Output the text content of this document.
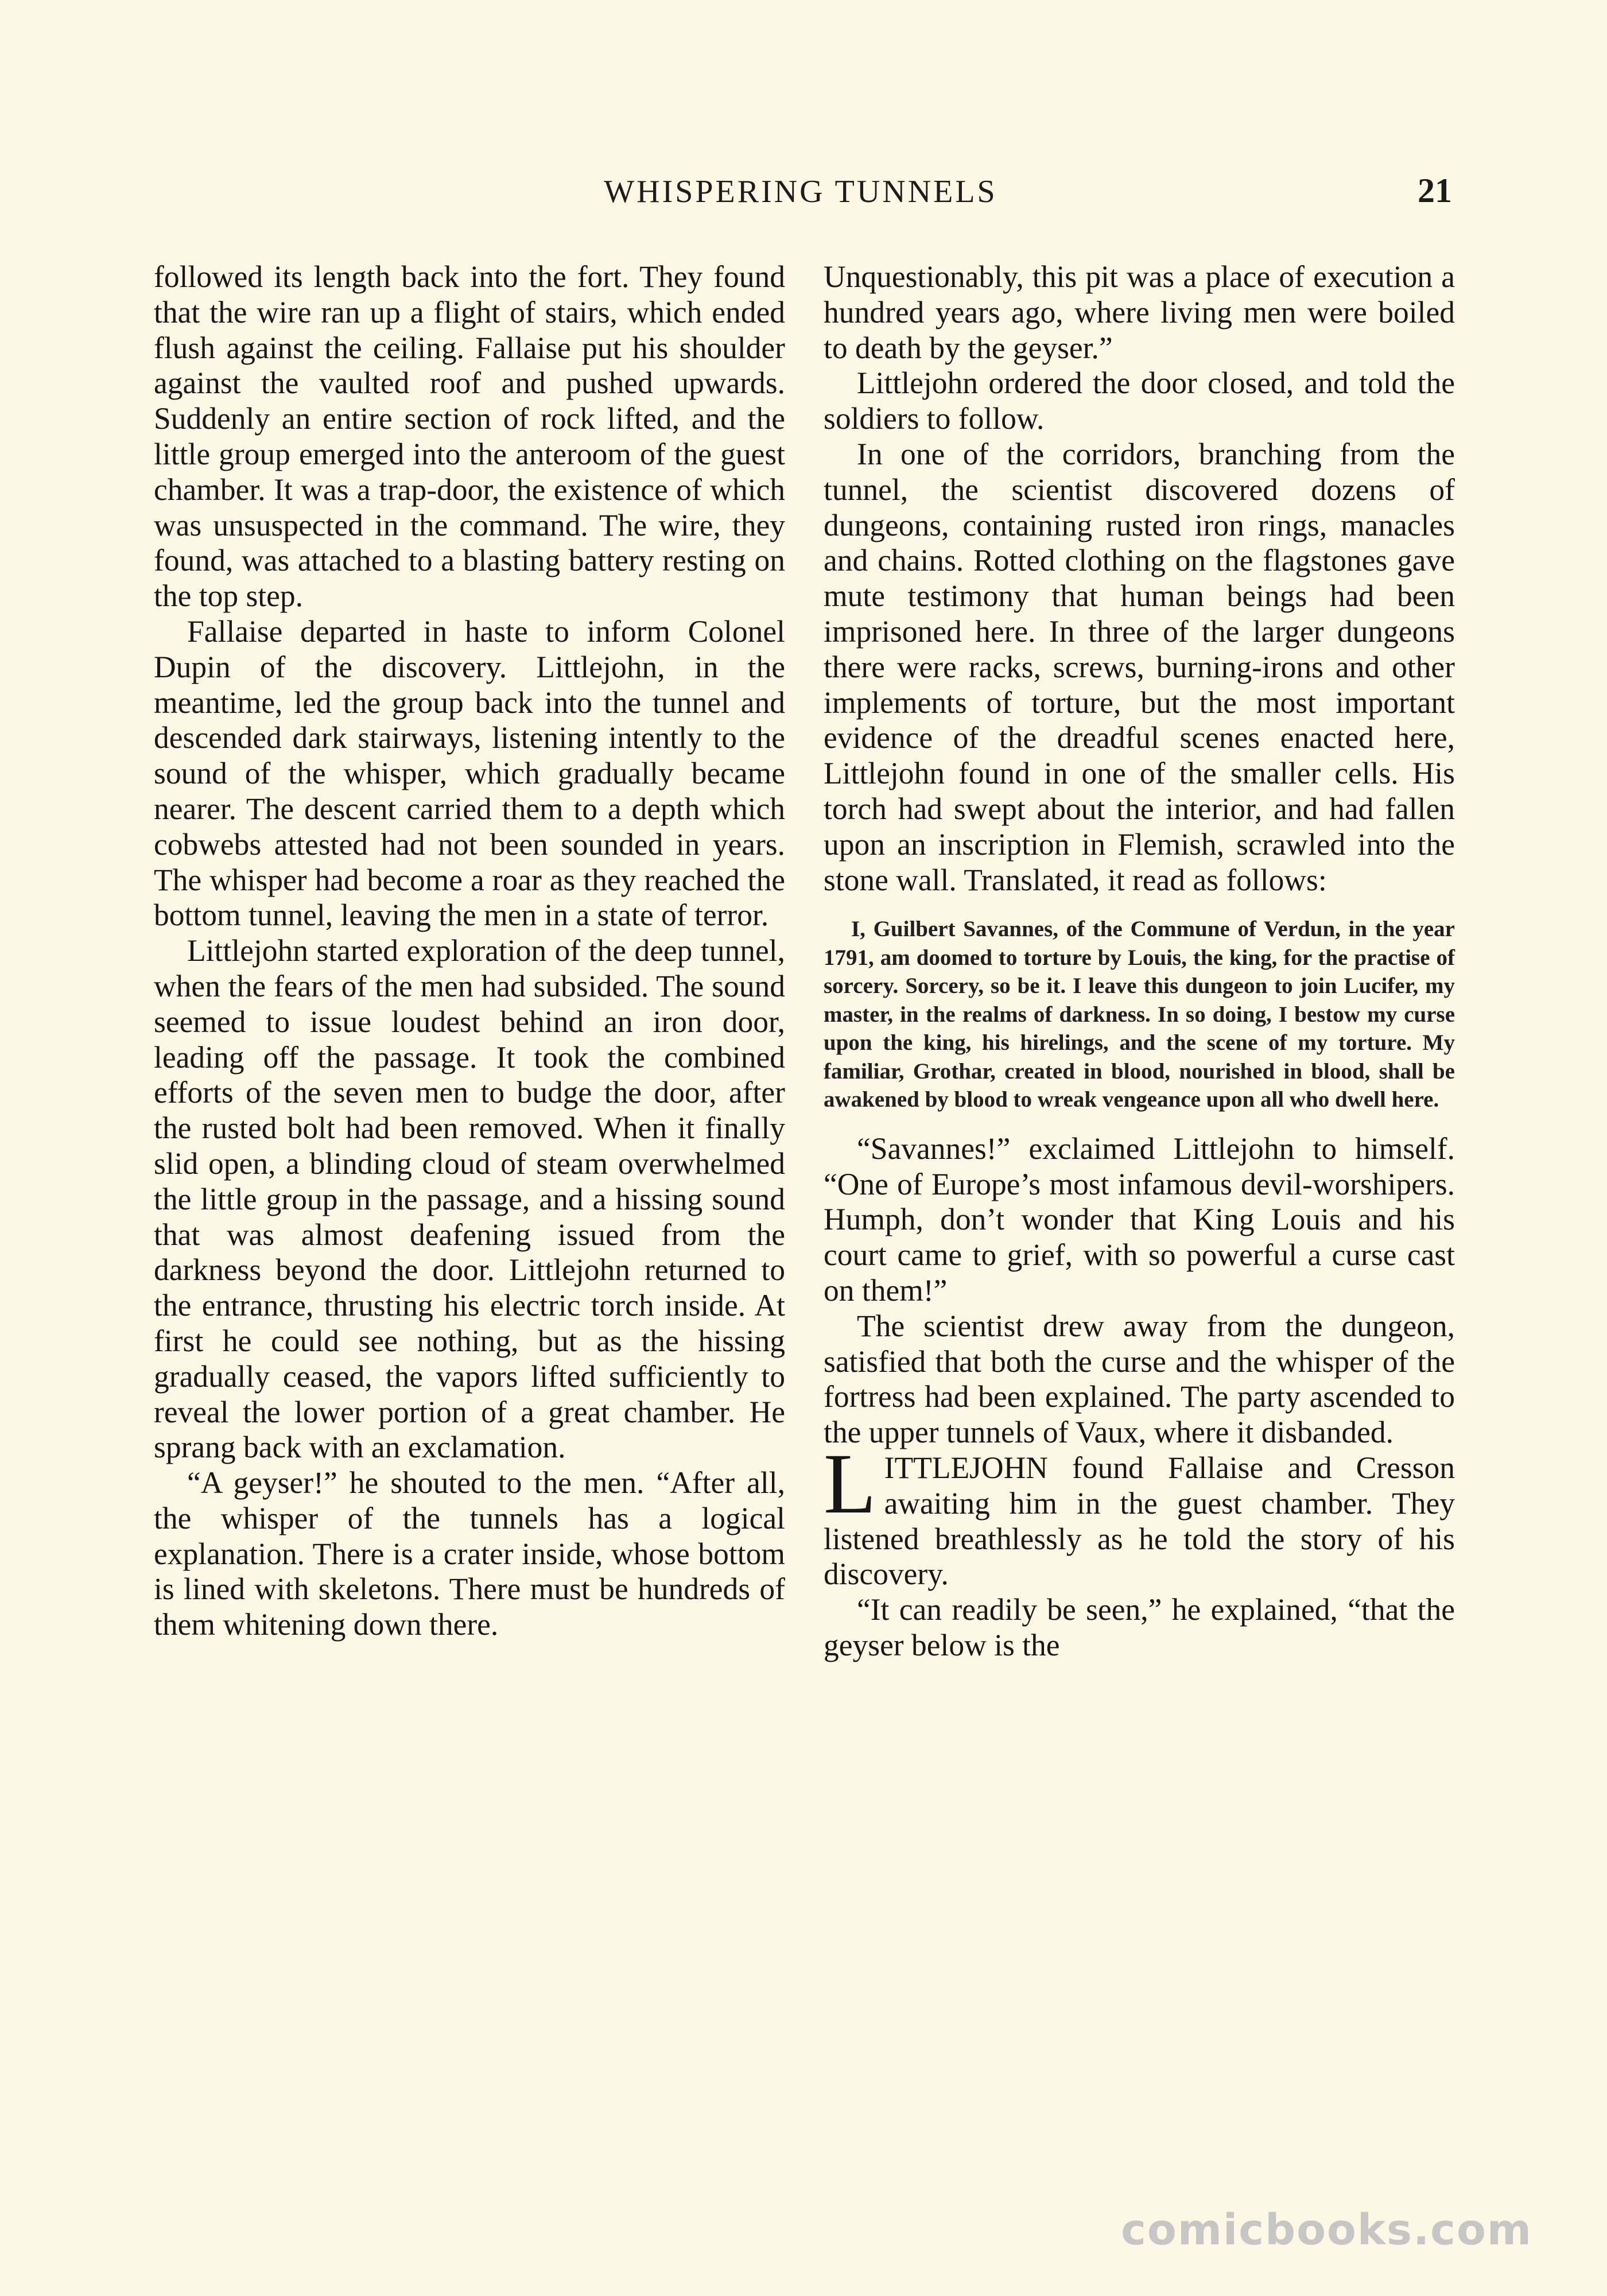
WHISPERING TUNNELS	21

followed its length back into the fort. They found that the wire ran up a flight of stairs, which ended flush against the ceiling. Fallaise put his shoulder against the vaulted roof and pushed upwards. Suddenly an entire section of rock lifted, and the little group emerged into the anteroom of the guest chamber. It was a trap-door, the existence of which was unsuspected in the command. The wire, they found, was attached to a blasting battery resting on the top step.

Fallaise departed in haste to inform Colonel Dupin of the discovery. Littlejohn, in the meantime, led the group back into the tunnel and descended dark stairways, listening intently to the sound of the whisper, which gradually became nearer. The descent carried them to a depth which cobwebs attested had not been sounded in years. The whisper had become a roar as they reached the bottom tunnel, leaving the men in a state of terror.

Littlejohn started exploration of the deep tunnel, when the fears of the men had subsided. The sound seemed to issue loudest behind an iron door, leading off the passage. It took the combined efforts of the seven men to budge the door, after the rusted bolt had been removed. When it finally slid open, a blinding cloud of steam overwhelmed the little group in the passage, and a hissing sound that was almost deafening issued from the darkness beyond the door. Littlejohn returned to the entrance, thrusting his electric torch inside. At first he could see nothing, but as the hissing gradually ceased, the vapors lifted sufficiently to reveal the lower portion of a great chamber. He sprang back with an exclamation.

“A geyser!” he shouted to the men. “After all, the whisper of the tunnels has a logical explanation. There is a crater inside, whose bottom is lined with skeletons. There must be hundreds of them whitening down there.

Unquestionably, this pit was a place of execution a hundred years ago, where living men were boiled to death by the geyser.”

Littlejohn ordered the door closed, and told the soldiers to follow.

In one of the corridors, branching from the tunnel, the scientist discovered dozens of dungeons, containing rusted iron rings, manacles and chains. Rotted clothing on the flagstones gave mute testimony that human beings had been imprisoned here. In three of the larger dungeons there were racks, screws, burning-irons and other implements of torture, but the most important evidence of the dreadful scenes enacted here, Littlejohn found in one of the smaller cells. His torch had swept about the interior, and had fallen upon an inscription in Flemish, scrawled into the stone wall. Translated, it read as follows:

I, Guilbert Savannes, of the Commune of Verdun, in the year 1791, am doomed to torture by Louis, the king, for the practise of sorcery. Sorcery, so be it. I leave this dungeon to join Lucifer, my master, in the realms of darkness. In so doing, I bestow my curse upon the king, his hirelings, and the scene of my torture. My familiar, Grothar, created in blood, nourished in blood, shall be awakened by blood to wreak vengeance upon all who dwell here.

“Savannes!” exclaimed Littlejohn to himself. “One of Europe’s most infamous devil-worshipers. Humph, don’t wonder that King Louis and his court came to grief, with so powerful a curse cast on them!”

The scientist drew away from the dungeon, satisfied that both the curse and the whisper of the fortress had been explained. The party ascended to the upper tunnels of Vaux, where it disbanded.

LITTLEJOHN found Fallaise and Cresson awaiting him in the guest chamber. They listened breathlessly as he told the story of his discovery.

“It can readily be seen,” he explained, “that the geyser below is the

comicbooks.com
